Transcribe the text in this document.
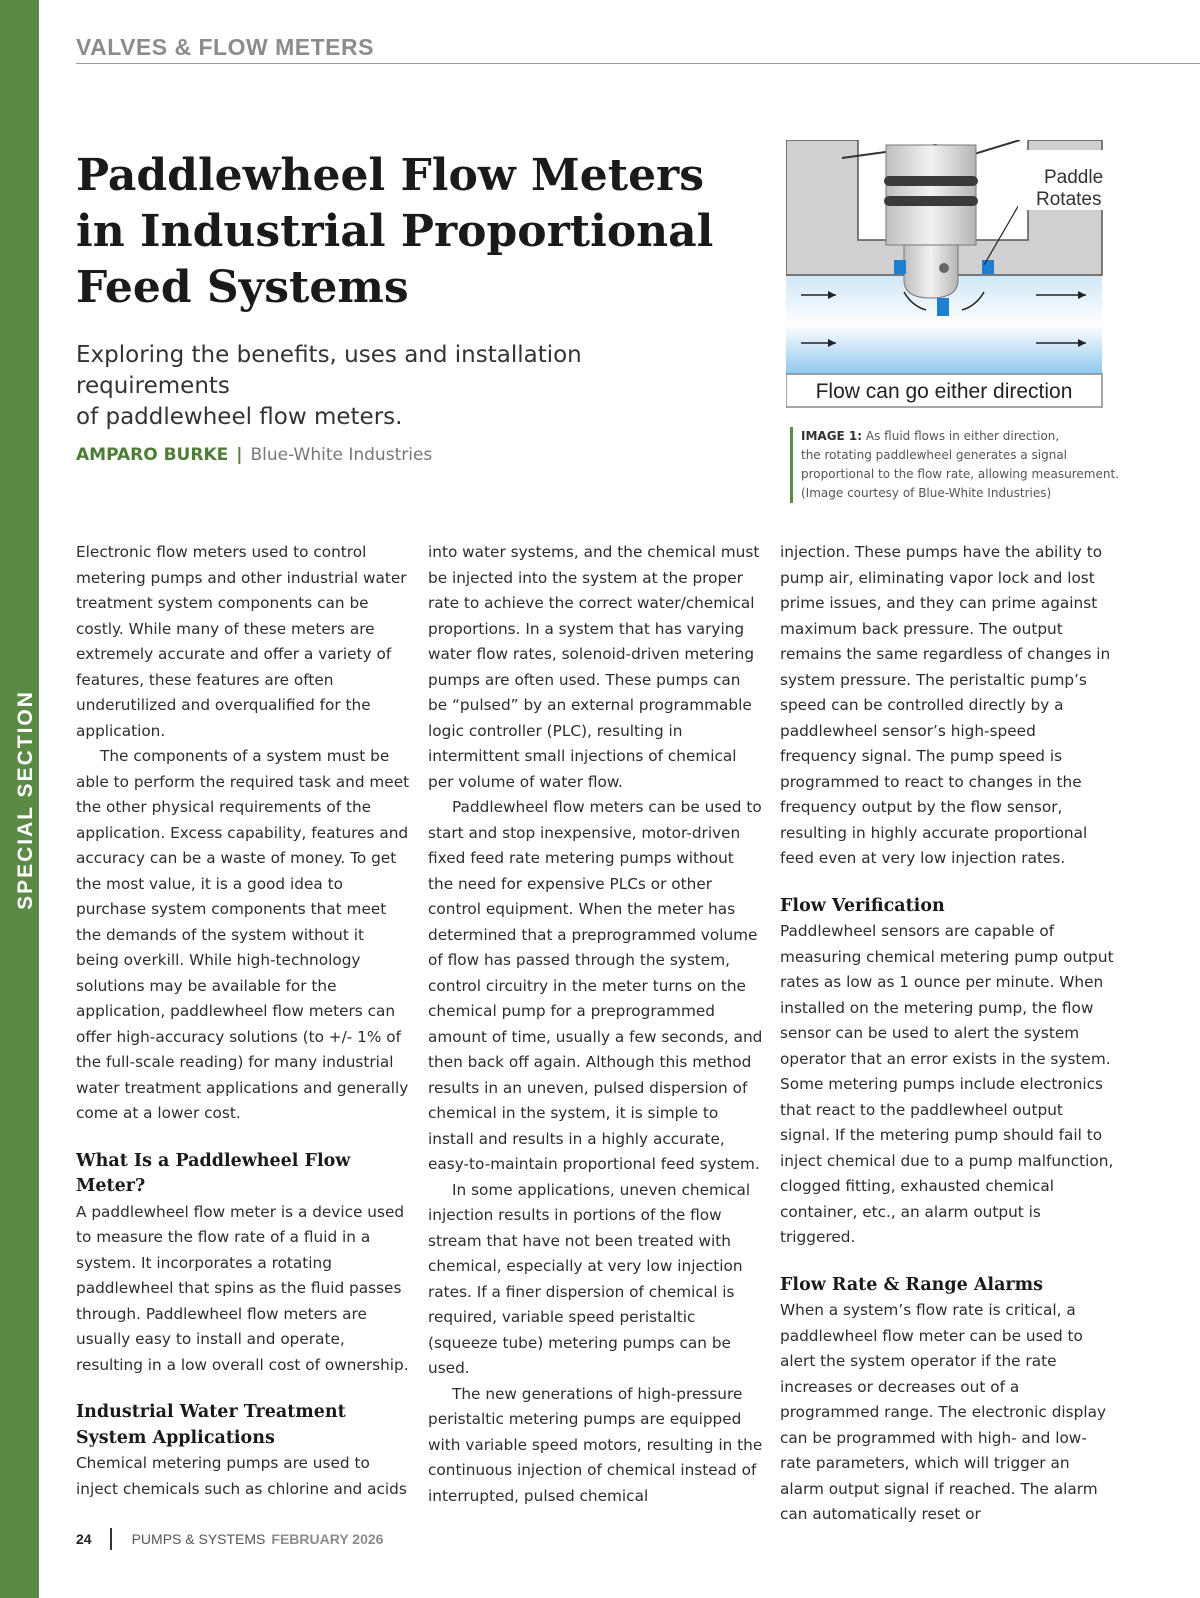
SPECIAL SECTION
VALVES & FLOW METERS
Paddlewheel Flow Meters
in Industrial Proportional
Feed Systems

Exploring the benefits, uses and installation requirements
of paddlewheel flow meters.

AMPARO BURKE | Blue-White Industries
Paddle
Rotates
Flow can go either direction
IMAGE 1: As fluid flows in either direction,
the rotating paddlewheel generates a signal
proportional to the flow rate, allowing measurement.
(Image courtesy of Blue-White Industries)

Electronic flow meters used to control metering pumps and other industrial water treatment system components can be costly. While many of these meters are extremely accurate and offer a variety of features, these features are often underutilized and overqualified for the application.

The components of a system must be able to perform the required task and meet the other physical requirements of the application. Excess capability, features and accuracy can be a waste of money. To get the most value, it is a good idea to purchase system components that meet the demands of the system without it being overkill. While high-technology solutions may be available for the application, paddlewheel flow meters can offer high-accuracy solutions (to +/- 1% of the full-scale reading) for many industrial water treatment applications and generally come at a lower cost.

What Is a Paddlewheel Flow Meter?

A paddlewheel flow meter is a device used to measure the flow rate of a fluid in a system. It incorporates a rotating paddlewheel that spins as the fluid passes through. Paddlewheel flow meters are usually easy to install and operate, resulting in a low overall cost of ownership.

Industrial Water Treatment
System Applications

Chemical metering pumps are used to inject chemicals such as chlorine and acids

into water systems, and the chemical must be injected into the system at the proper rate to achieve the correct water/chemical proportions. In a system that has varying water flow rates, solenoid-driven metering pumps are often used. These pumps can be “pulsed” by an external programmable logic controller (PLC), resulting in intermittent small injections of chemical per volume of water flow.

Paddlewheel flow meters can be used to start and stop inexpensive, motor-driven fixed feed rate metering pumps without the need for expensive PLCs or other control equipment. When the meter has determined that a preprogrammed volume of flow has passed through the system, control circuitry in the meter turns on the chemical pump for a preprogrammed amount of time, usually a few seconds, and then back off again. Although this method results in an uneven, pulsed dispersion of chemical in the system, it is simple to install and results in a highly accurate, easy-to-maintain proportional feed system.

In some applications, uneven chemical injection results in portions of the flow stream that have not been treated with chemical, especially at very low injection rates. If a finer dispersion of chemical is required, variable speed peristaltic (squeeze tube) metering pumps can be used.

The new generations of high-pressure peristaltic metering pumps are equipped with variable speed motors, resulting in the continuous injection of chemical instead of interrupted, pulsed chemical

injection. These pumps have the ability to pump air, eliminating vapor lock and lost prime issues, and they can prime against maximum back pressure. The output remains the same regardless of changes in system pressure. The peristaltic pump’s speed can be controlled directly by a paddlewheel sensor’s high-speed frequency signal. The pump speed is programmed to react to changes in the frequency output by the flow sensor, resulting in highly accurate proportional feed even at very low injection rates.

Flow Verification

Paddlewheel sensors are capable of measuring chemical metering pump output rates as low as 1 ounce per minute. When installed on the metering pump, the flow sensor can be used to alert the system operator that an error exists in the system. Some metering pumps include electronics that react to the paddlewheel output signal. If the metering pump should fail to inject chemical due to a pump malfunction, clogged fitting, exhausted chemical container, etc., an alarm output is triggered.

Flow Rate & Range Alarms

When a system’s flow rate is critical, a paddlewheel flow meter can be used to alert the system operator if the rate increases or decreases out of a programmed range. The electronic display can be programmed with high- and low-rate parameters, which will trigger an alarm output signal if reached. The alarm can automatically reset or

24	PUMPS & SYSTEMS FEBRUARY 2026
